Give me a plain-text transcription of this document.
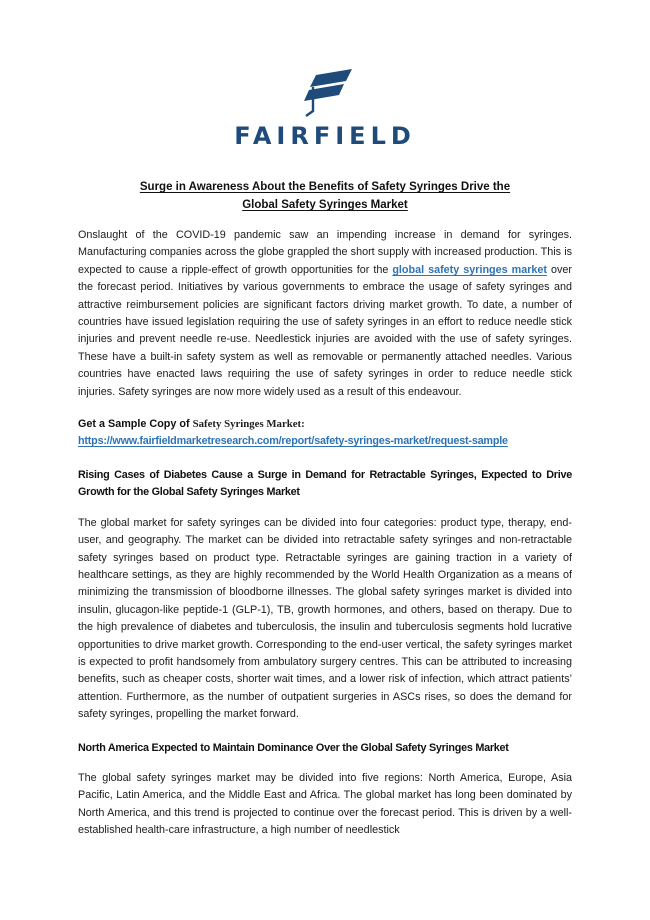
FAIRFIELD
Surge in Awareness About the Benefits of Safety Syringes Drive the
Global Safety Syringes Market

Onslaught of the COVID-19 pandemic saw an impending increase in demand for syringes. Manufacturing companies across the globe grappled the short supply with increased production. This is expected to cause a ripple-effect of growth opportunities for the global safety syringes market over the forecast period. Initiatives by various governments to embrace the usage of safety syringes and attractive reimbursement policies are significant factors driving market growth. To date, a number of countries have issued legislation requiring the use of safety syringes in an effort to reduce needle stick injuries and prevent needle re-use. Needlestick injuries are avoided with the use of safety syringes. These have a built-in safety system as well as removable or permanently attached needles. Various countries have enacted laws requiring the use of safety syringes in order to reduce needle stick injuries. Safety syringes are now more widely used as a result of this endeavour.

Get a Sample Copy of Safety Syringes Market:
https://www.fairfieldmarketresearch.com/report/safety-syringes-market/request-sample
Rising Cases of Diabetes Cause a Surge in Demand for Retractable Syringes, Expected to Drive Growth for the Global Safety Syringes Market

The global market for safety syringes can be divided into four categories: product type, therapy, end-user, and geography. The market can be divided into retractable safety syringes and non-retractable safety syringes based on product type. Retractable syringes are gaining traction in a variety of healthcare settings, as they are highly recommended by the World Health Organization as a means of minimizing the transmission of bloodborne illnesses. The global safety syringes market is divided into insulin, glucagon-like peptide-1 (GLP-1), TB, growth hormones, and others, based on therapy. Due to the high prevalence of diabetes and tuberculosis, the insulin and tuberculosis segments hold lucrative opportunities to drive market growth. Corresponding to the end-user vertical, the safety syringes market is expected to profit handsomely from ambulatory surgery centres. This can be attributed to increasing benefits, such as cheaper costs, shorter wait times, and a lower risk of infection, which attract patients’ attention. Furthermore, as the number of outpatient surgeries in ASCs rises, so does the demand for safety syringes, propelling the market forward.

North America Expected to Maintain Dominance Over the Global Safety Syringes Market

The global safety syringes market may be divided into five regions: North America, Europe, Asia Pacific, Latin America, and the Middle East and Africa. The global market has long been dominated by North America, and this trend is projected to continue over the forecast period. This is driven by a well-established health-care infrastructure, a high number of needlestick
